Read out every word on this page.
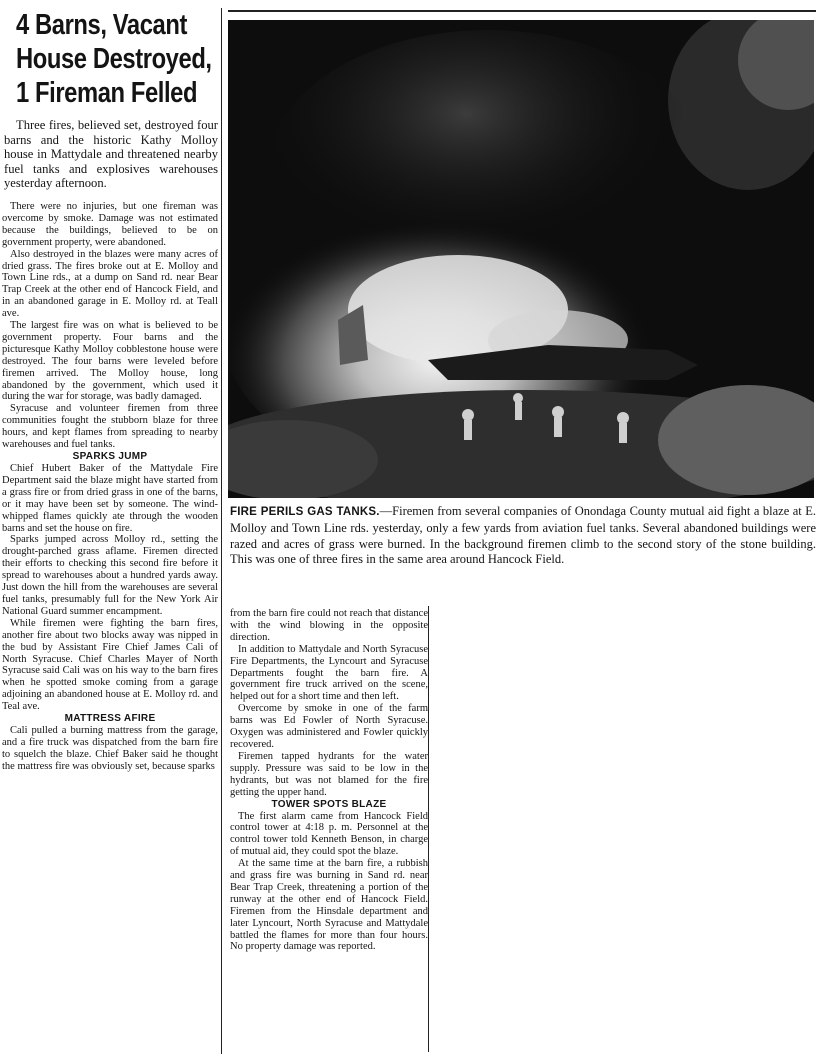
4 Barns, Vacant
House Destroyed,
1 Fireman Felled

Three fires, believed set, destroyed four barns and the historic Kathy Molloy house in Mattydale and threatened nearby fuel tanks and explosives warehouses yesterday afternoon.

There were no injuries, but one fireman was overcome by smoke. Damage was not estimated because the buildings, believed to be on government property, were abandoned.

Also destroyed in the blazes were many acres of dried grass. The fires broke out at E. Molloy and Town Line rds., at a dump on Sand rd. near Bear Trap Creek at the other end of Hancock Field, and in an abandoned garage in E. Molloy rd. at Teall ave.

The largest fire was on what is believed to be government property. Four barns and the picturesque Kathy Molloy cobblestone house were destroyed. The four barns were leveled before firemen arrived. The Molloy house, long abandoned by the government, which used it during the war for storage, was badly damaged.

Syracuse and volunteer firemen from three communities fought the stubborn blaze for three hours, and kept flames from spreading to nearby warehouses and fuel tanks.

SPARKS JUMP

Chief Hubert Baker of the Mattydale Fire Department said the blaze might have started from a grass fire or from dried grass in one of the barns, or it may have been set by someone. The wind-whipped flames quickly ate through the wooden barns and set the house on fire.

Sparks jumped across Molloy rd., setting the drought-parched grass aflame. Firemen directed their efforts to checking this second fire before it spread to warehouses about a hundred yards away. Just down the hill from the warehouses are several fuel tanks, presumably full for the New York Air National Guard summer encampment.

While firemen were fighting the barn fires, another fire about two blocks away was nipped in the bud by Assistant Fire Chief James Cali of North Syracuse. Chief Charles Mayer of North Syracuse said Cali was on his way to the barn fires when he spotted smoke coming from a garage adjoining an abandoned house at E. Molloy rd. and Teal ave.

MATTRESS AFIRE

Cali pulled a burning mattress from the garage, and a fire truck was dispatched from the barn fire to squelch the blaze. Chief Baker said he thought the mattress fire was obviously set, because sparks

FIRE PERILS GAS TANKS.—Firemen from several companies of Onondaga County mutual aid fight a blaze at E. Molloy and Town Line rds. yesterday, only a few yards from aviation fuel tanks. Several abandoned buildings were razed and acres of grass were burned. In the background firemen climb to the second story of the stone building. This was one of three fires in the same area around Hancock Field.

from the barn fire could not reach that distance with the wind blowing in the opposite direction.

In addition to Mattydale and North Syracuse Fire Departments, the Lyncourt and Syracuse Departments fought the barn fire. A government fire truck arrived on the scene, helped out for a short time and then left.

Overcome by smoke in one of the farm barns was Ed Fowler of North Syracuse. Oxygen was administered and Fowler quickly recovered.

Firemen tapped hydrants for the water supply. Pressure was said to be low in the hydrants, but was not blamed for the fire getting the upper hand.

TOWER SPOTS BLAZE

The first alarm came from Hancock Field control tower at 4:18 p. m. Personnel at the control tower told Kenneth Benson, in charge of mutual aid, they could spot the blaze.

At the same time at the barn fire, a rubbish and grass fire was burning in Sand rd. near Bear Trap Creek, threatening a portion of the runway at the other end of Hancock Field. Firemen from the Hinsdale department and later Lyncourt, North Syracuse and Mattydale battled the flames for more than four hours. No property damage was reported.
